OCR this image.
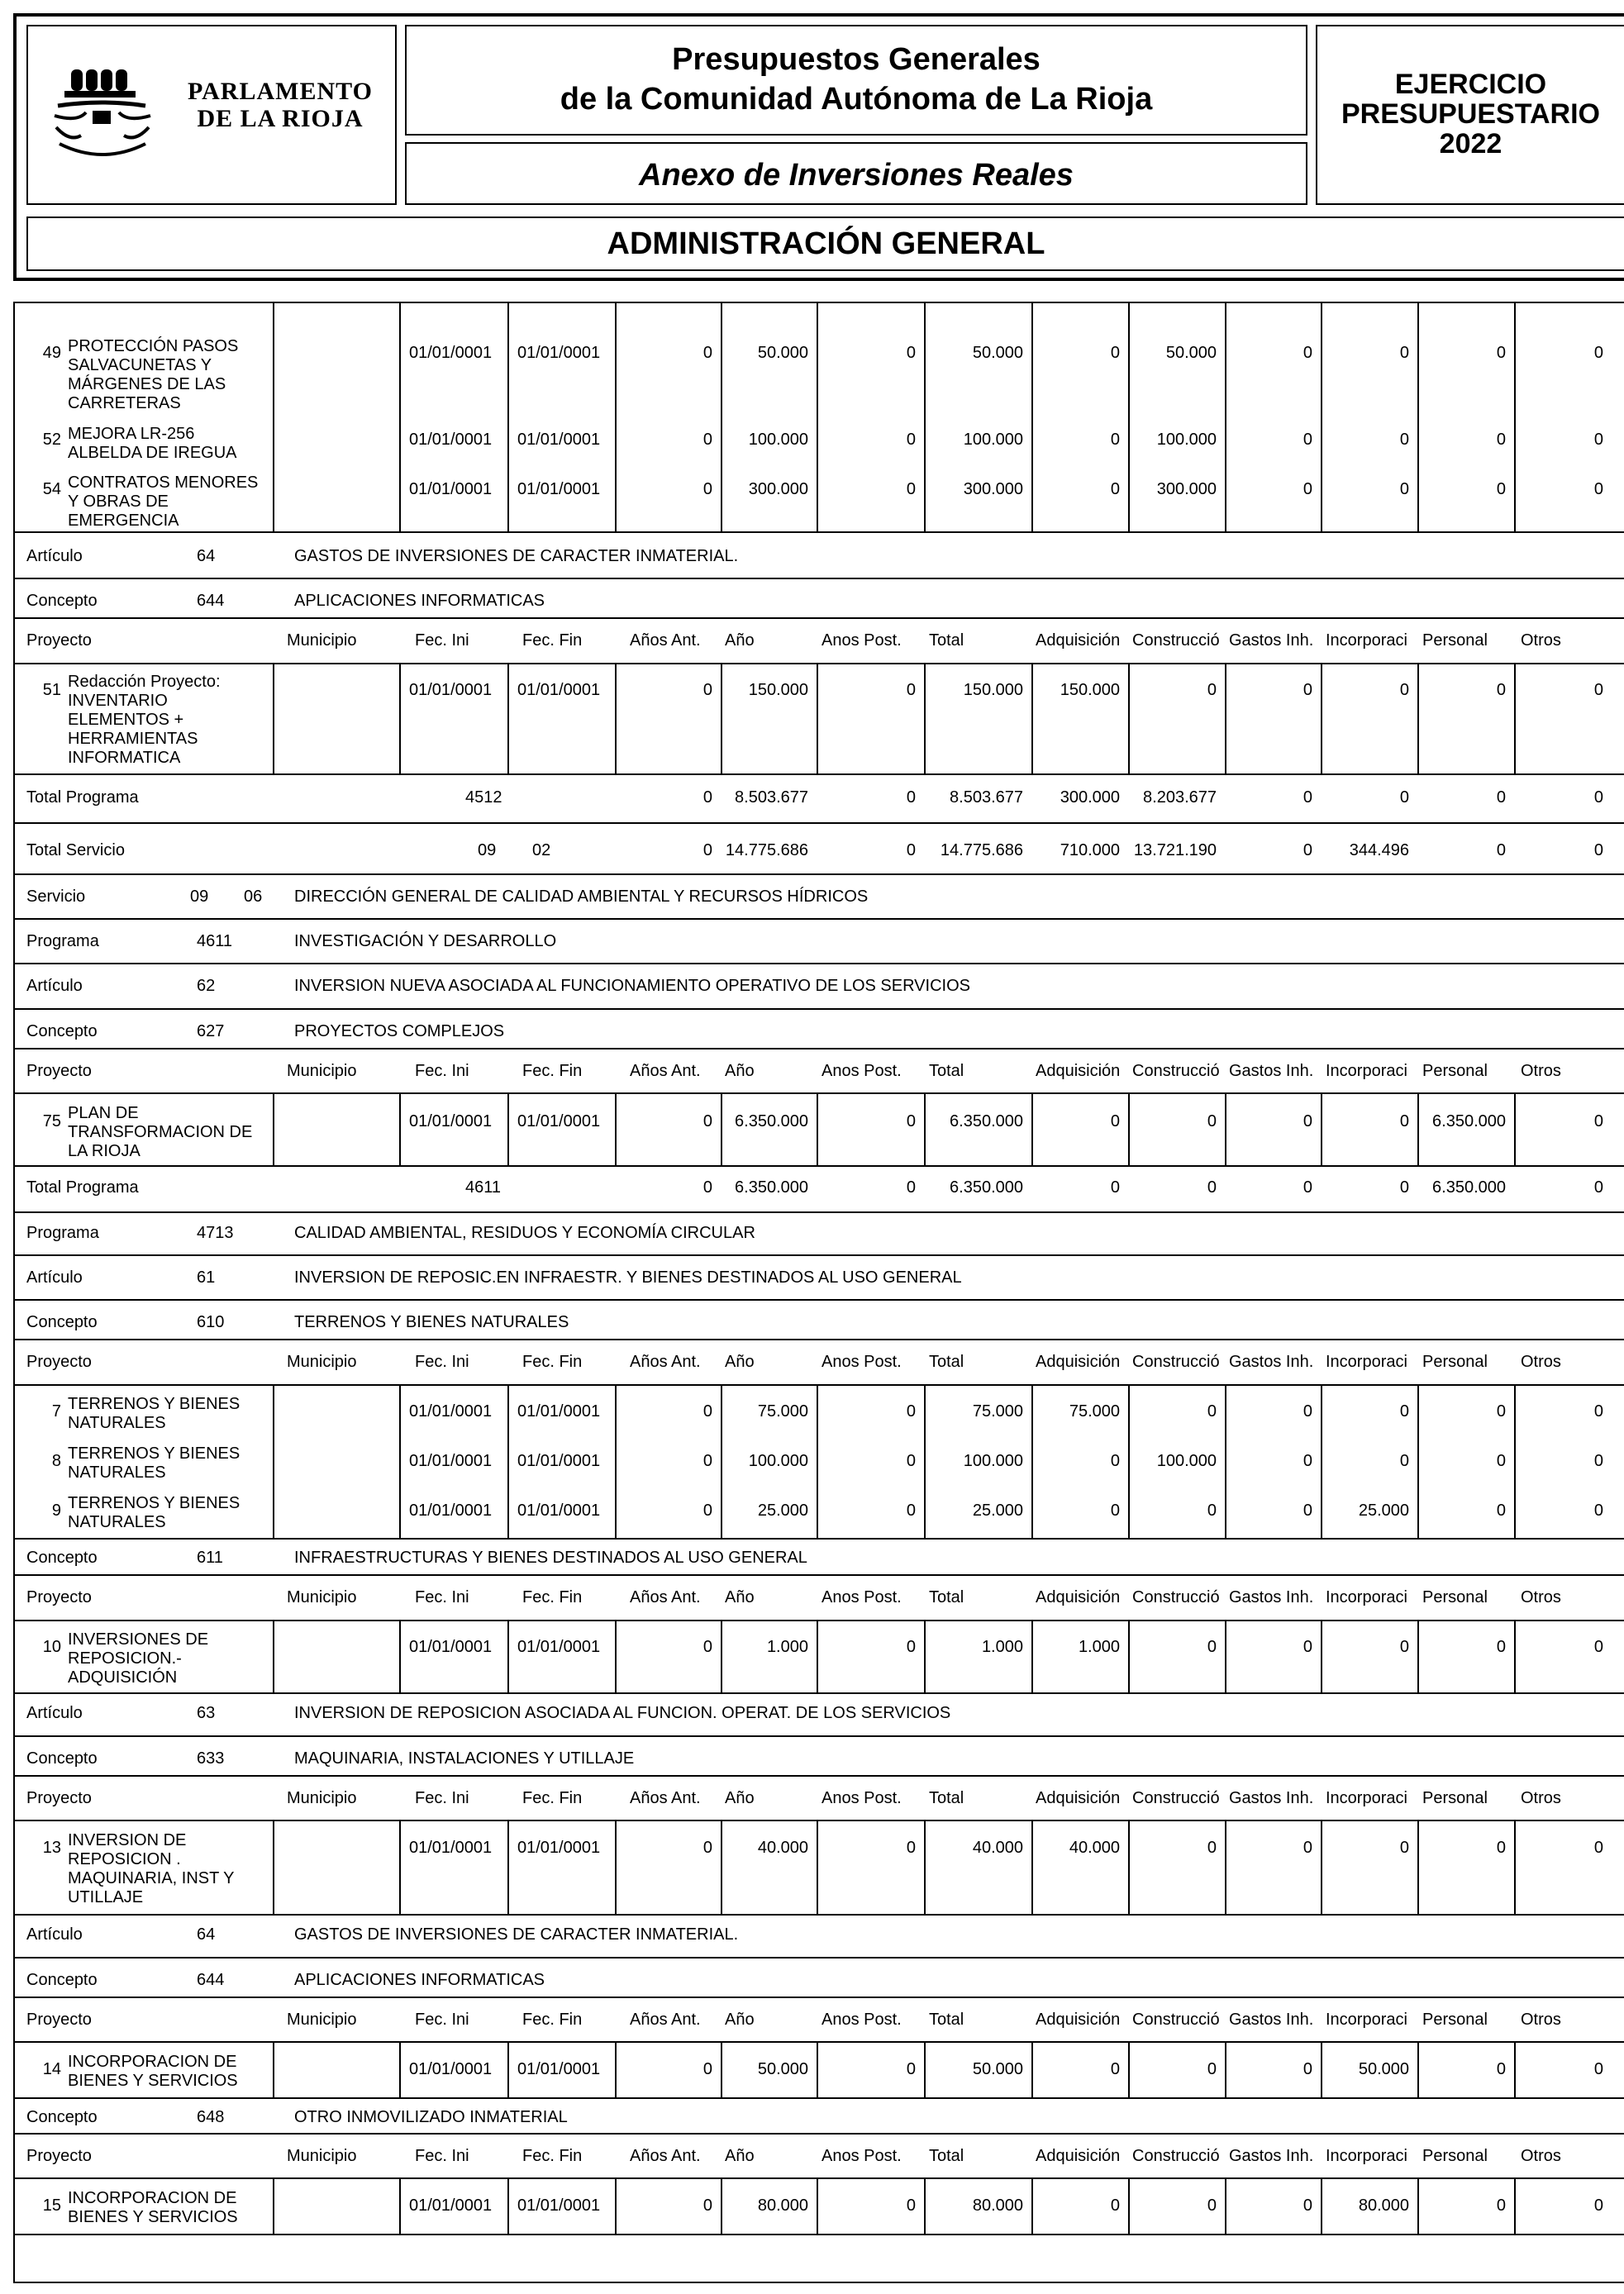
PARLAMENTO
DE LA RIOJA
Presupuestos Generales
de la Comunidad Autónoma de La Rioja
Anexo de Inversiones Reales
EJERCICIO
PRESUPUESTARIO
2022
ADMINISTRACIÓN GENERAL
49 PROTECCIÓN PASOS SALVACUNETAS Y MÁRGENES DE LAS CARRETERAS
01/01/0001 01/01/0001	0	50.000	0	50.000	0	50.000	0	0	0	0
52 MEJORA LR-256 ALBELDA DE IREGUA
01/01/0001 01/01/0001	0	100.000	0	100.000	0	100.000	0	0	0	0
54 CONTRATOS MENORES Y OBRAS DE EMERGENCIA
01/01/0001 01/01/0001	0	300.000	0	300.000	0	300.000	0	0	0	0
Artículo	64	GASTOS DE INVERSIONES DE CARACTER INMATERIAL.
Concepto	644	APLICACIONES INFORMATICAS
Proyecto	Municipio	Fec. Ini	Fec. Fin	Años Ant. Año	Anos Post. Total	Adquisición Construcció Gastos Inh. Incorporaci Personal Otros
51 Redacción Proyecto: INVENTARIO ELEMENTOS + HERRAMIENTAS INFORMATICA
01/01/0001 01/01/0001	0	150.000	0	150.000	150.000	0	0	0	0	0
Total Programa	4512	0	8.503.677	0	8.503.677	300.000	8.203.677	0	0	0	0
Total Servicio	09 02	0 14.775.686	0	14.775.686	710.000 13.721.190	0	344.496	0	0
Servicio	09 06 DIRECCIÓN GENERAL DE CALIDAD AMBIENTAL Y RECURSOS HÍDRICOS
Programa	4611	INVESTIGACIÓN Y DESARROLLO
Artículo	62	INVERSION NUEVA ASOCIADA AL FUNCIONAMIENTO OPERATIVO DE LOS SERVICIOS
Concepto	627	PROYECTOS COMPLEJOS
Proyecto	Municipio	Fec. Ini	Fec. Fin	Años Ant. Año	Anos Post. Total	Adquisición Construcció Gastos Inh. Incorporaci Personal Otros
75 PLAN DE TRANSFORMACION DE LA RIOJA
01/01/0001 01/01/0001	0	6.350.000	0	6.350.000	0	0	0	0	6.350.000	0
Total Programa	4611	0	6.350.000	0	6.350.000	0	0	0	0	6.350.000	0
Programa	4713	CALIDAD AMBIENTAL, RESIDUOS Y ECONOMÍA CIRCULAR
Artículo	61	INVERSION DE REPOSIC.EN INFRAESTR. Y BIENES DESTINADOS AL USO GENERAL
Concepto	610	TERRENOS Y BIENES NATURALES
Proyecto	Municipio	Fec. Ini	Fec. Fin	Años Ant. Año	Anos Post. Total	Adquisición Construcció Gastos Inh. Incorporaci Personal Otros
7 TERRENOS Y BIENES NATURALES
01/01/0001 01/01/0001	0	75.000	0	75.000	75.000	0	0	0	0	0
8 TERRENOS Y BIENES NATURALES
01/01/0001 01/01/0001	0	100.000	0	100.000	0	100.000	0	0	0	0
9 TERRENOS Y BIENES NATURALES
01/01/0001 01/01/0001	0	25.000	0	25.000	0	0	0	25.000	0	0
Concepto	611	INFRAESTRUCTURAS Y BIENES DESTINADOS AL USO GENERAL
Proyecto	Municipio	Fec. Ini	Fec. Fin	Años Ant. Año	Anos Post. Total	Adquisición Construcció Gastos Inh. Incorporaci Personal Otros
10 INVERSIONES DE REPOSICION.- ADQUISICIÓN
01/01/0001 01/01/0001	0	1.000	0	1.000	1.000	0	0	0	0	0
Artículo	63	INVERSION DE REPOSICION ASOCIADA AL FUNCION. OPERAT. DE LOS SERVICIOS
Concepto	633	MAQUINARIA, INSTALACIONES Y UTILLAJE
Proyecto	Municipio	Fec. Ini	Fec. Fin	Años Ant. Año	Anos Post. Total	Adquisición Construcció Gastos Inh. Incorporaci Personal Otros
13 INVERSION DE REPOSICION . MAQUINARIA, INST Y UTILLAJE
01/01/0001 01/01/0001	0	40.000	0	40.000	40.000	0	0	0	0	0
Artículo	64	GASTOS DE INVERSIONES DE CARACTER INMATERIAL.
Concepto	644	APLICACIONES INFORMATICAS
Proyecto	Municipio	Fec. Ini	Fec. Fin	Años Ant. Año	Anos Post. Total	Adquisición Construcció Gastos Inh. Incorporaci Personal Otros
14 INCORPORACION DE BIENES Y SERVICIOS
01/01/0001 01/01/0001	0	50.000	0	50.000	0	0	0	50.000	0	0
Concepto	648	OTRO INMOVILIZADO INMATERIAL
Proyecto	Municipio	Fec. Ini	Fec. Fin	Años Ant. Año	Anos Post. Total	Adquisición Construcció Gastos Inh. Incorporaci Personal Otros
15 INCORPORACION DE BIENES Y SERVICIOS
01/01/0001 01/01/0001	0	80.000	0	80.000	0	0	0	80.000	0	0
